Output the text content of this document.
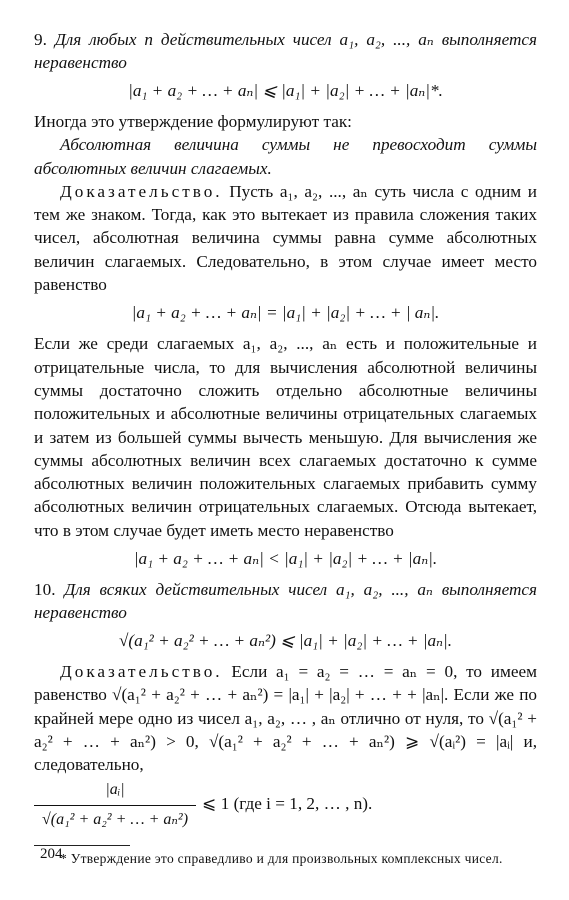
9. Для любых n действительных чисел a₁, a₂, ..., aₙ выполняется неравенство

|a₁ + a₂ + … + aₙ| ⩽ |a₁| + |a₂| + … + |aₙ|*.

Иногда это утверждение формулируют так:

Абсолютная величина суммы не превосходит суммы абсолютных величин слагаемых.

Доказательство. Пусть a₁, a₂, ..., aₙ суть числа с одним и тем же знаком. Тогда, как это вытекает из правила сложения таких чисел, абсолютная величина суммы равна сумме абсолютных величин слагаемых. Следовательно, в этом случае имеет место равенство

|a₁ + a₂ + … + aₙ| = |a₁| + |a₂| + … + | aₙ|.

Если же среди слагаемых a₁, a₂, ..., aₙ есть и положительные и отрицательные числа, то для вычисления абсолютной величины суммы достаточно сложить отдельно абсолютные величины положительных и абсолютные величины отрицательных слагаемых и затем из большей суммы вычесть меньшую. Для вычисления же суммы абсолютных величин всех слагаемых достаточно к сумме абсолютных величин положительных слагаемых прибавить сумму абсолютных величин отрицательных слагаемых. Отсюда вытекает, что в этом случае будет иметь место неравенство

|a₁ + a₂ + … + aₙ| < |a₁| + |a₂| + … + |aₙ|.

10. Для всяких действительных чисел a₁, a₂, ..., aₙ выполняется неравенство

√(a₁² + a₂² + … + aₙ²) ⩽ |a₁| + |a₂| + … + |aₙ|.

Доказательство. Если a₁ = a₂ = … = aₙ = 0, то имеем равенство √(a₁² + a₂² + … + aₙ²) = |a₁| + |a₂| + … + + |aₙ|. Если же по крайней мере одно из чисел a₁, a₂, … , aₙ отлично от нуля, то √(a₁² + a₂² + … + aₙ²) > 0, √(a₁² + a₂² + … + aₙ²) ⩾ √(aᵢ²) = |aᵢ| и, следовательно,

|aᵢ|
√(a₁² + a₂² + … + aₙ²)
⩽ 1 (где i = 1, 2, … , n).

* Утверждение это справедливо и для произвольных комплексных чисел.

204
